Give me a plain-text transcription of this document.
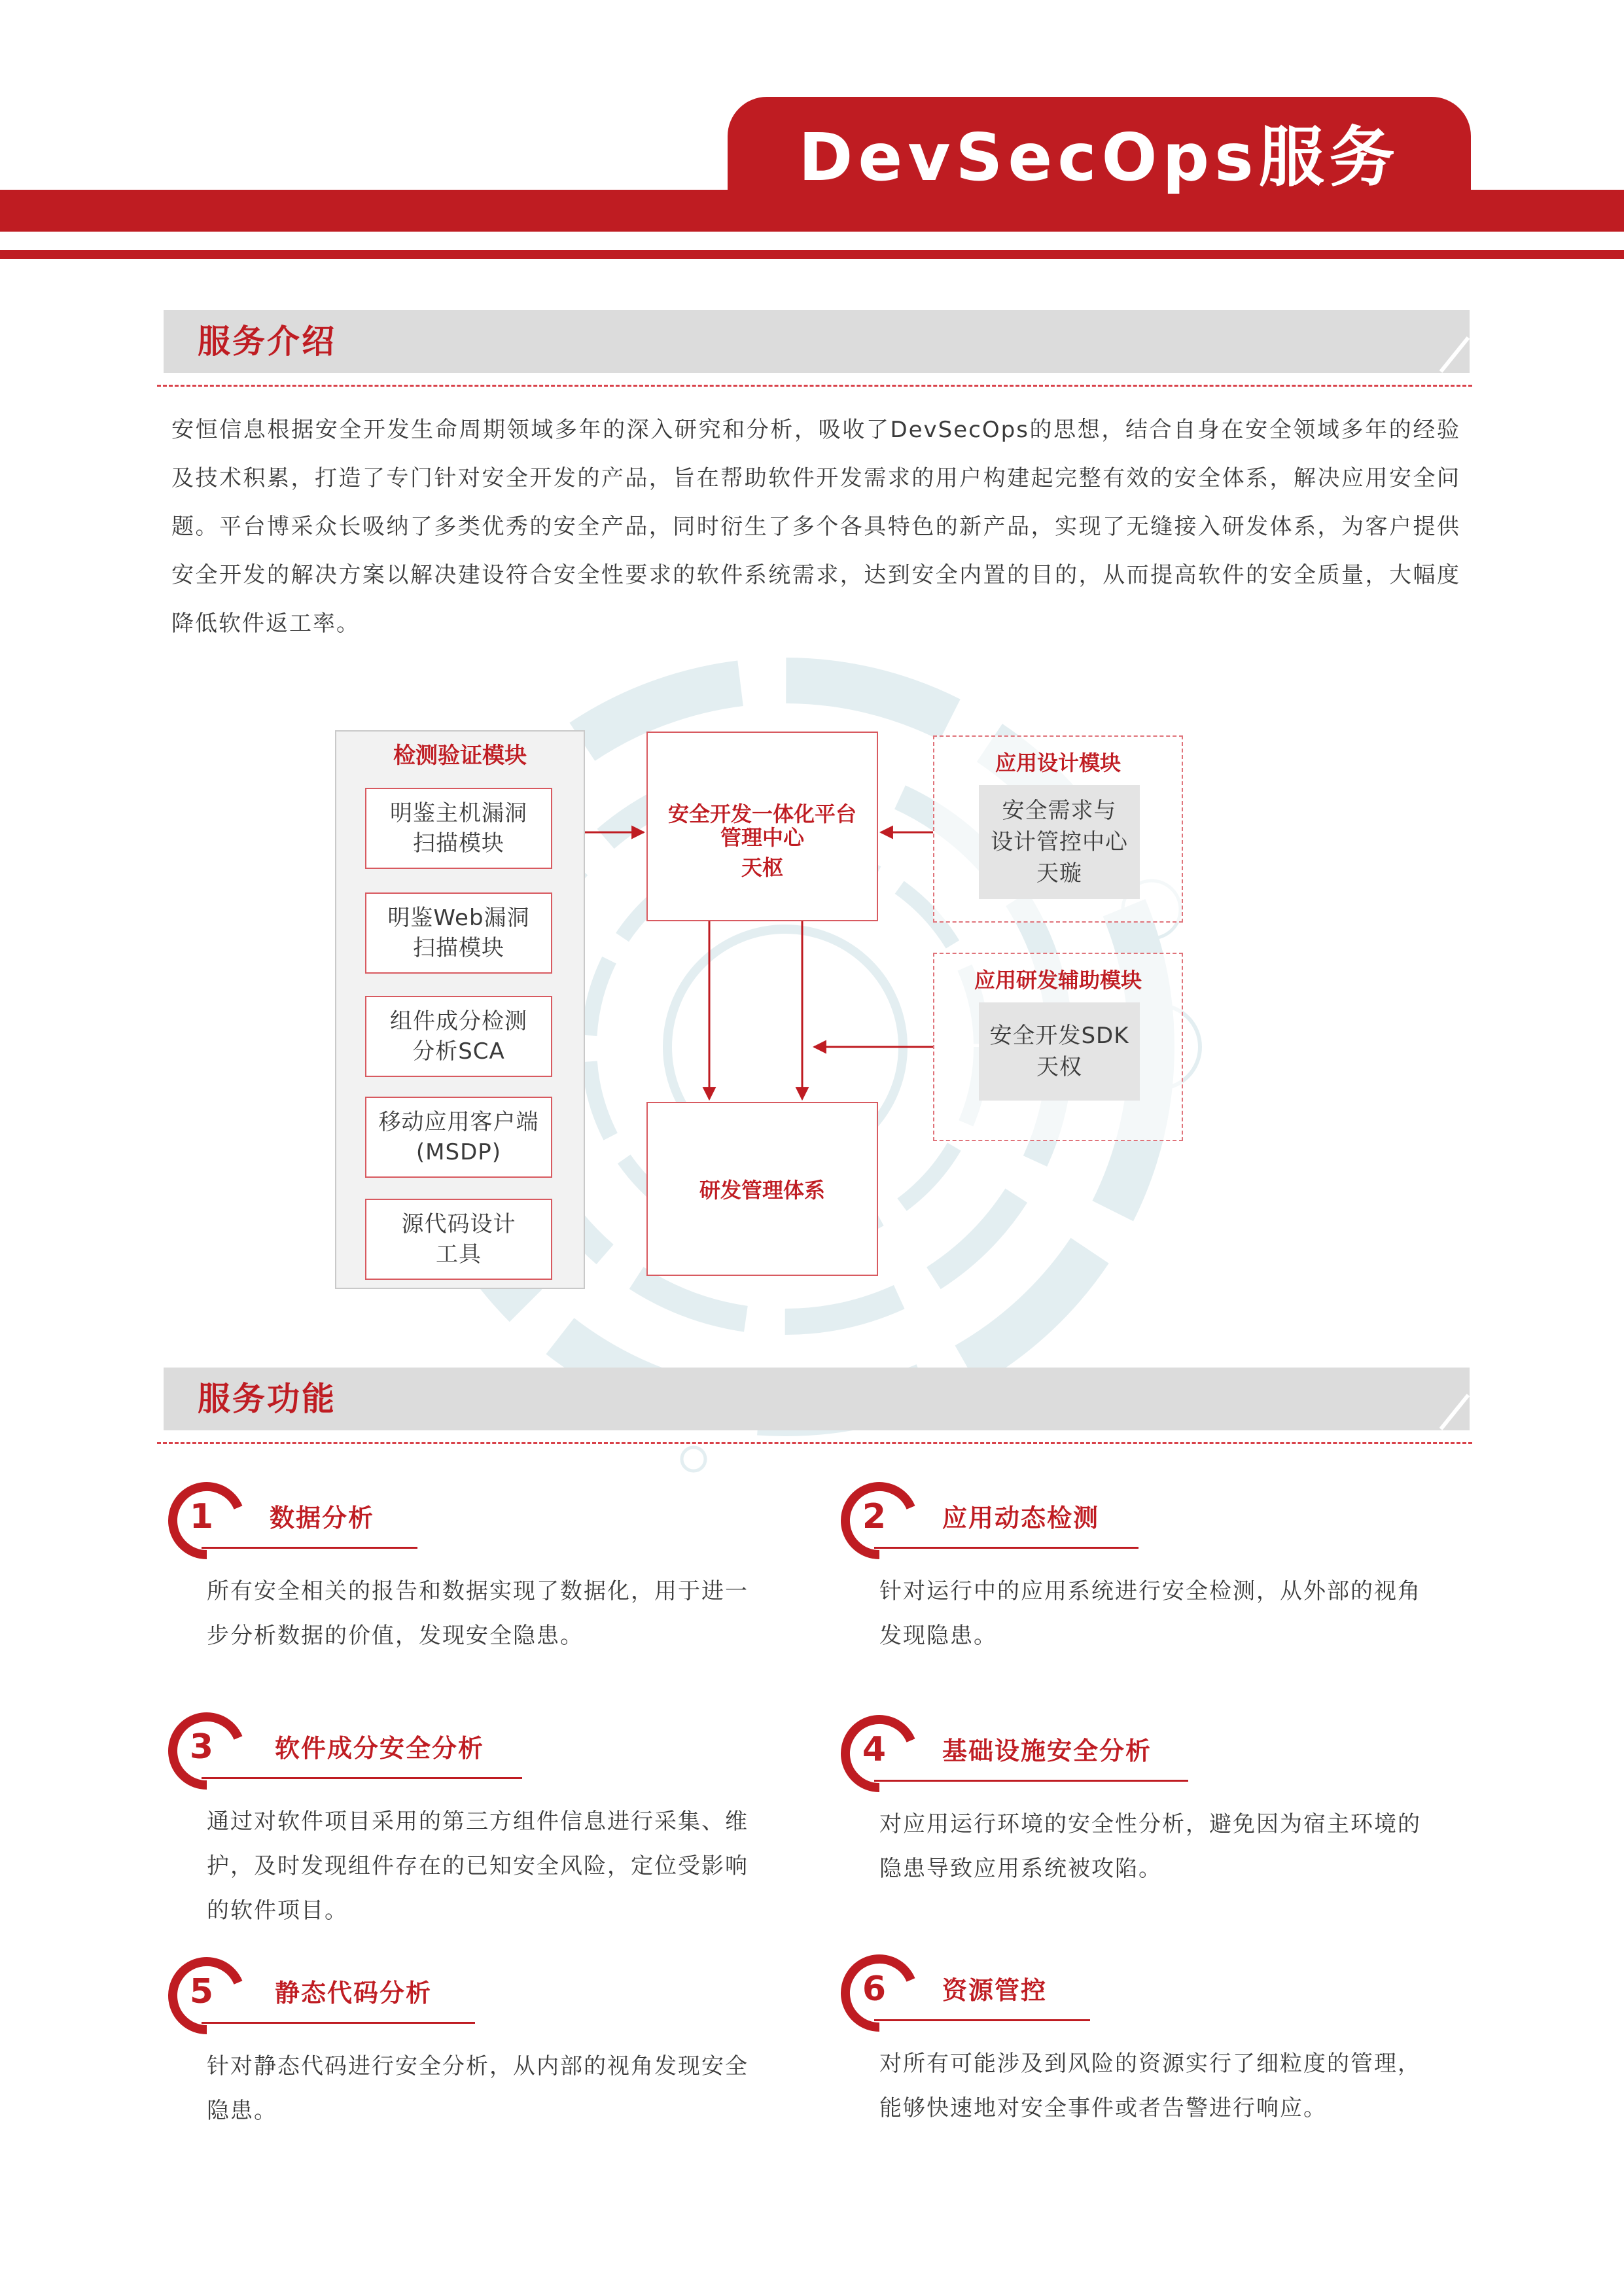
DevSecOps服务
服务介绍
安恒信息根据安全开发生命周期领域多年的深入研究和分析，吸收了DevSecOps的思想，结合自身在安全领域多年的经验及技术积累，打造了专门针对安全开发的产品，旨在帮助软件开发需求的用户构建起完整有效的安全体系，解决应用安全问题。平台博采众长吸纳了多类优秀的安全产品，同时衍生了多个各具特色的新产品，实现了无缝接入研发体系，为客户提供安全开发的解决方案以解决建设符合安全性要求的软件系统需求，达到安全内置的目的，从而提高软件的安全质量，大幅度降低软件返工率。
检测验证模块
明鉴主机漏洞
扫描模块
明鉴Web漏洞
扫描模块
组件成分检测
分析SCA
移动应用客户端
(MSDP)
源代码设计
工具
安全开发一体化平台
管理中心
天枢
研发管理体系
应用设计模块
安全需求与
设计管控中心
天璇
应用研发辅助模块
安全开发SDK
天权
服务功能
1	数据分析
所有安全相关的报告和数据实现了数据化，用于进一步分析数据的价值，发现安全隐患。
2	应用动态检测
针对运行中的应用系统进行安全检测，从外部的视角发现隐患。
3	软件成分安全分析
通过对软件项目采用的第三方组件信息进行采集、维护，及时发现组件存在的已知安全风险，定位受影响的软件项目。
4	基础设施安全分析
对应用运行环境的安全性分析，避免因为宿主环境的隐患导致应用系统被攻陷。
5	静态代码分析
针对静态代码进行安全分析，从内部的视角发现安全隐患。
6	资源管控
对所有可能涉及到风险的资源实行了细粒度的管理，能够快速地对安全事件或者告警进行响应。
